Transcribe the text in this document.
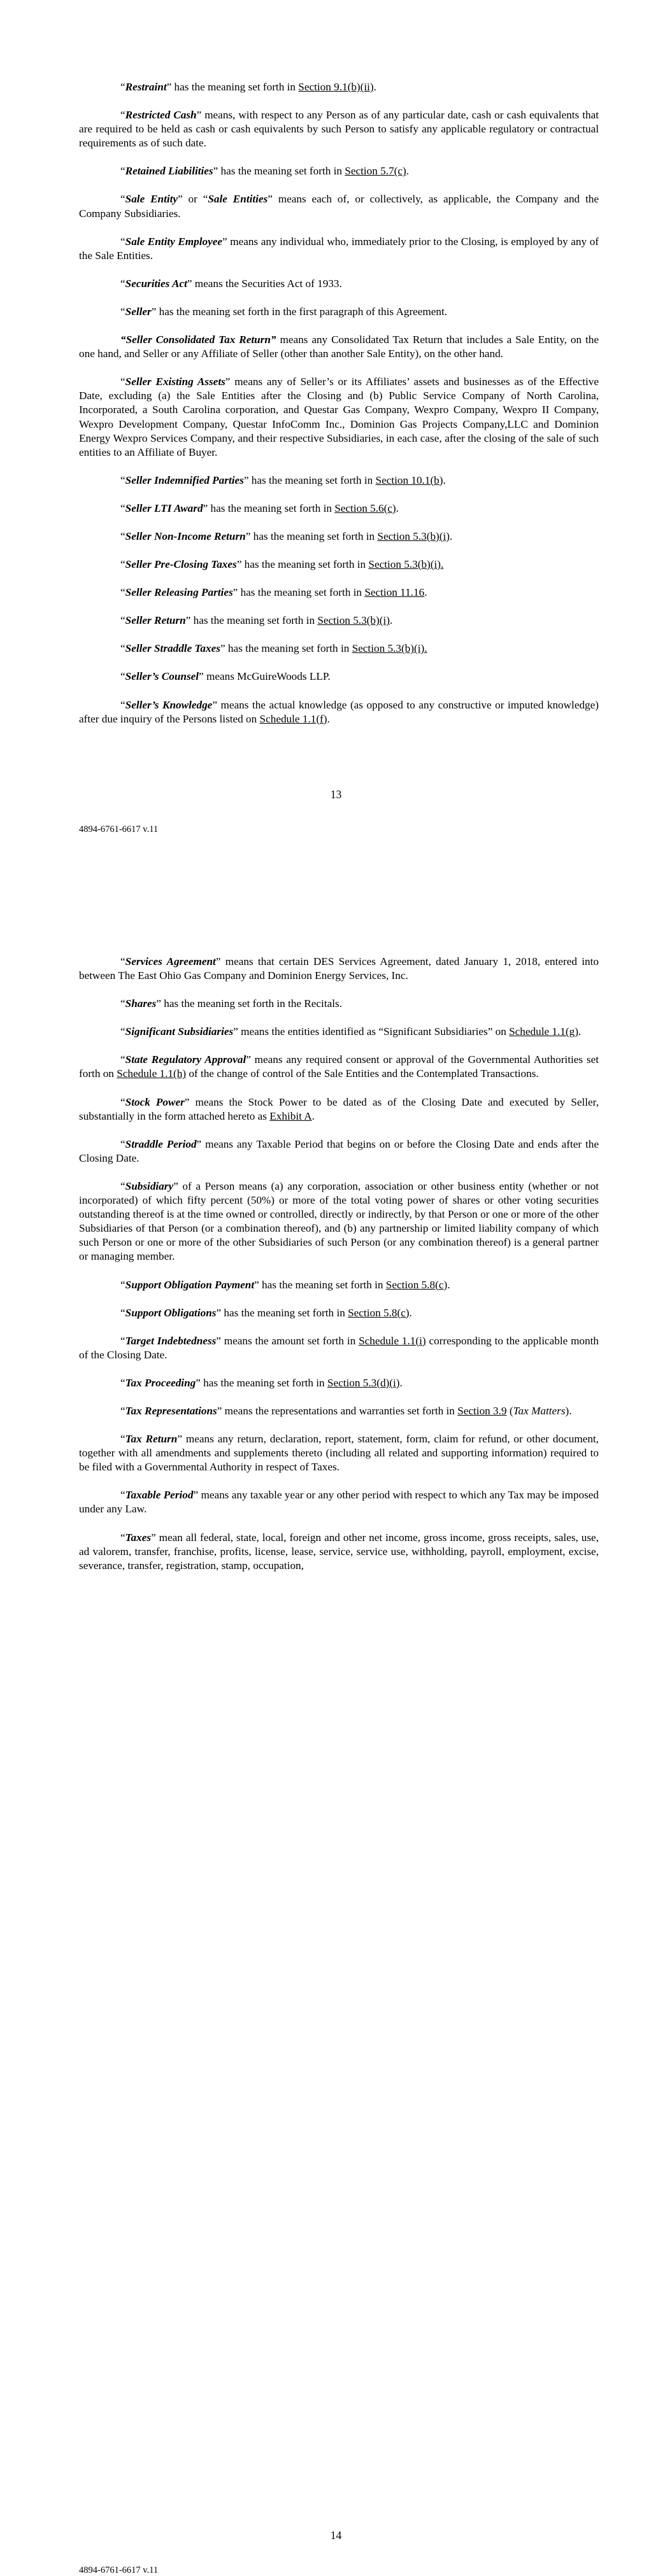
“Restraint” has the meaning set forth in Section 9.1(b)(ii).

“Restricted Cash” means, with respect to any Person as of any particular date, cash or cash equivalents that are required to be held as cash or cash equivalents by such Person to satisfy any applicable regulatory or contractual requirements as of such date.

“Retained Liabilities” has the meaning set forth in Section 5.7(c).

“Sale Entity” or “Sale Entities” means each of, or collectively, as applicable, the Company and the Company Subsidiaries.

“Sale Entity Employee” means any individual who, immediately prior to the Closing, is employed by any of the Sale Entities.

“Securities Act” means the Securities Act of 1933.

“Seller” has the meaning set forth in the first paragraph of this Agreement.

“Seller Consolidated Tax Return” means any Consolidated Tax Return that includes a Sale Entity, on the one hand, and Seller or any Affiliate of Seller (other than another Sale Entity), on the other hand.

“Seller Existing Assets” means any of Seller’s or its Affiliates’ assets and businesses as of the Effective Date, excluding (a) the Sale Entities after the Closing and (b) Public Service Company of North Carolina, Incorporated, a South Carolina corporation, and Questar Gas Company, Wexpro Company, Wexpro II Company, Wexpro Development Company, Questar InfoComm Inc., Dominion Gas Projects Company,LLC and Dominion Energy Wexpro Services Company, and their respective Subsidiaries, in each case, after the closing of the sale of such entities to an Affiliate of Buyer.

“Seller Indemnified Parties” has the meaning set forth in Section 10.1(b).

“Seller LTI Award” has the meaning set forth in Section 5.6(c).

“Seller Non-Income Return” has the meaning set forth in Section 5.3(b)(i).

“Seller Pre-Closing Taxes” has the meaning set forth in Section 5.3(b)(i).

“Seller Releasing Parties” has the meaning set forth in Section 11.16.

“Seller Return” has the meaning set forth in Section 5.3(b)(i).

“Seller Straddle Taxes” has the meaning set forth in Section 5.3(b)(i).

“Seller’s Counsel” means McGuireWoods LLP.

“Seller’s Knowledge” means the actual knowledge (as opposed to any constructive or imputed knowledge) after due inquiry of the Persons listed on Schedule 1.1(f).

13
4894-6761-6617 v.11

“Services Agreement” means that certain DES Services Agreement, dated January 1, 2018, entered into between The East Ohio Gas Company and Dominion Energy Services, Inc.

“Shares” has the meaning set forth in the Recitals.

“Significant Subsidiaries” means the entities identified as “Significant Subsidiaries” on Schedule 1.1(g).

“State Regulatory Approval” means any required consent or approval of the Governmental Authorities set forth on Schedule 1.1(h) of the change of control of the Sale Entities and the Contemplated Transactions.

“Stock Power” means the Stock Power to be dated as of the Closing Date and executed by Seller, substantially in the form attached hereto as Exhibit A.

“Straddle Period” means any Taxable Period that begins on or before the Closing Date and ends after the Closing Date.

“Subsidiary” of a Person means (a) any corporation, association or other business entity (whether or not incorporated) of which fifty percent (50%) or more of the total voting power of shares or other voting securities outstanding thereof is at the time owned or controlled, directly or indirectly, by that Person or one or more of the other Subsidiaries of that Person (or a combination thereof), and (b) any partnership or limited liability company of which such Person or one or more of the other Subsidiaries of such Person (or any combination thereof) is a general partner or managing member.

“Support Obligation Payment” has the meaning set forth in Section 5.8(c).

“Support Obligations” has the meaning set forth in Section 5.8(c).

“Target Indebtedness” means the amount set forth in Schedule 1.1(i) corresponding to the applicable month of the Closing Date.

“Tax Proceeding” has the meaning set forth in Section 5.3(d)(i).

“Tax Representations” means the representations and warranties set forth in Section 3.9 (Tax Matters).

“Tax Return” means any return, declaration, report, statement, form, claim for refund, or other document, together with all amendments and supplements thereto (including all related and supporting information) required to be filed with a Governmental Authority in respect of Taxes.

“Taxable Period” means any taxable year or any other period with respect to which any Tax may be imposed under any Law.

“Taxes” mean all federal, state, local, foreign and other net income, gross income, gross receipts, sales, use, ad valorem, transfer, franchise, profits, license, lease, service, service use, withholding, payroll, employment, excise, severance, transfer, registration, stamp, occupation,

14
4894-6761-6617 v.11
